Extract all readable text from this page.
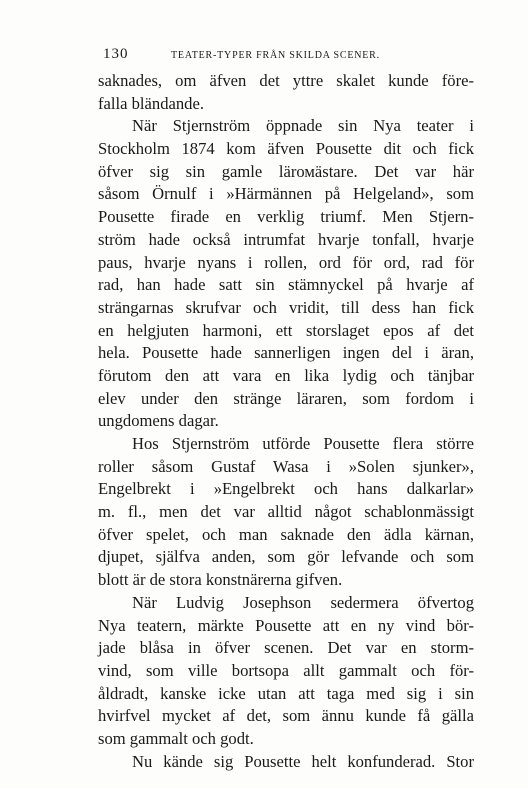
130	TEATER-TYPER FRÅN SKILDA SCENER.
saknades, om äfven det yttre skalet kunde före-
falla bländande.
När Stjernström öppnade sin Nya teater i
Stockholm 1874 kom äfven Pousette dit och fick
öfver sig sin gamle lärомästare. Det var här
såsom Örnulf i »Härmännen på Helgeland», som
Pousette firade en verklig triumf. Men Stjern-
ström hade också intrumfat hvarje tonfall, hvarje
paus, hvarje nyans i rollen, ord för ord, rad för
rad, han hade satt sin stämnyckel på hvarje af
strängarnas skrufvar och vridit, till dess han fick
en helgjuten harmoni, ett storslaget epos af det
hela. Pousette hade sannerligen ingen del i äran,
förutom den att vara en lika lydig och tänjbar
elev under den stränge läraren, som fordom i
ungdomens dagar.
Hos Stjernström utförde Pousette flera större
roller såsom Gustaf Wasa i »Solen sjunker»,
Engelbrekt i »Engelbrekt och hans dalkarlar»
m. fl., men det var alltid något schablonmässigt
öfver spelet, och man saknade den ädla kärnan,
djupet, själfva anden, som gör lefvande och som
blott är de stora konstnärerna gifven.
När Ludvig Josephson sedermera öfvertog
Nya teatern, märkte Pousette att en ny vind bör-
jade blåsa in öfver scenen. Det var en storm-
vind, som ville bortsopa allt gammalt och för-
åldradt, kanske icke utan att taga med sig i sin
hvirfvel mycket af det, som ännu kunde få gälla
som gammalt och godt.
Nu kände sig Pousette helt konfunderad. Stor
